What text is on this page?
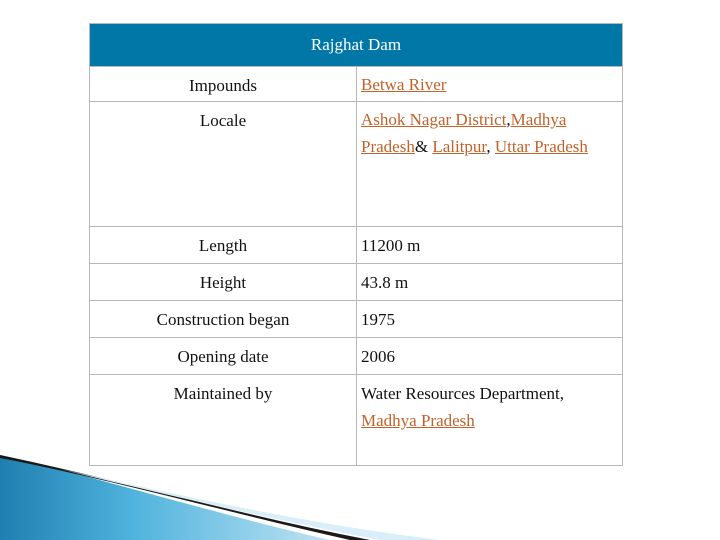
Rajghat Dam
Impounds	Betwa River
Locale	Ashok Nagar District,Madhya Pradesh& Lalitpur, Uttar Pradesh
Length	11200 m
Height	43.8 m
Construction began	1975
Opening date	2006
Maintained by	Water Resources Department, Madhya Pradesh
